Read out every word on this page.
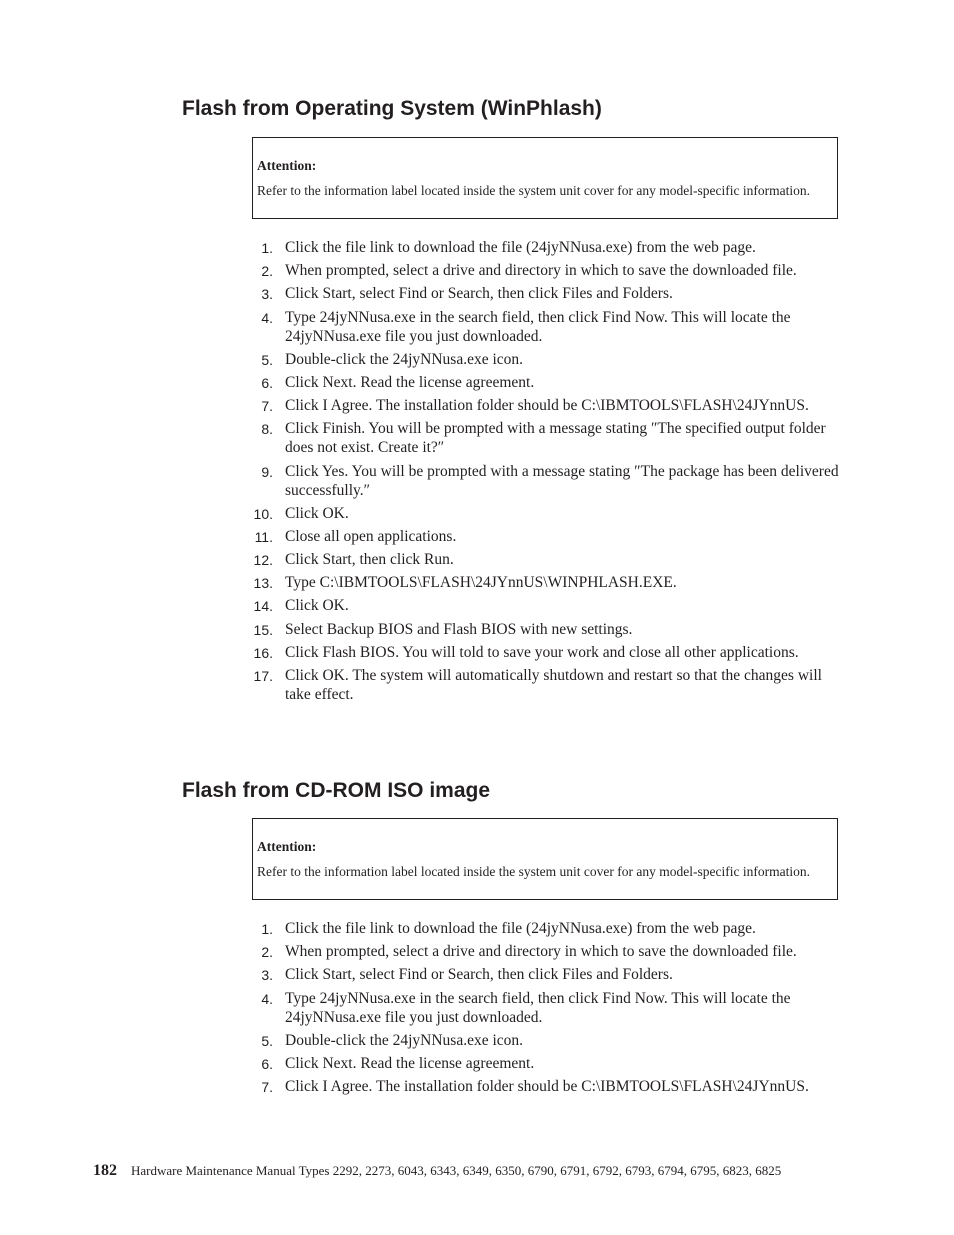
Flash from Operating System (WinPhlash)
Attention:
Refer to the information label located inside the system unit cover for any model-specific information.
1. Click the file link to download the file (24jyNNusa.exe) from the web page.
2. When prompted, select a drive and directory in which to save the downloaded file.
3. Click Start, select Find or Search, then click Files and Folders.
4. Type 24jyNNusa.exe in the search field, then click Find Now. This will locate the 24jyNNusa.exe file you just downloaded.
5. Double-click the 24jyNNusa.exe icon.
6. Click Next. Read the license agreement.
7. Click I Agree. The installation folder should be C:\IBMTOOLS\FLASH\24JYnnUS.
8. Click Finish. You will be prompted with a message stating ″The specified output folder does not exist. Create it?″
9. Click Yes. You will be prompted with a message stating ″The package has been delivered successfully.″
10. Click OK.
11. Close all open applications.
12. Click Start, then click Run.
13. Type C:\IBMTOOLS\FLASH\24JYnnUS\WINPHLASH.EXE.
14. Click OK.
15. Select Backup BIOS and Flash BIOS with new settings.
16. Click Flash BIOS. You will told to save your work and close all other applications.
17. Click OK. The system will automatically shutdown and restart so that the changes will take effect.
Flash from CD-ROM ISO image
Attention:
Refer to the information label located inside the system unit cover for any model-specific information.
1. Click the file link to download the file (24jyNNusa.exe) from the web page.
2. When prompted, select a drive and directory in which to save the downloaded file.
3. Click Start, select Find or Search, then click Files and Folders.
4. Type 24jyNNusa.exe in the search field, then click Find Now. This will locate the 24jyNNusa.exe file you just downloaded.
5. Double-click the 24jyNNusa.exe icon.
6. Click Next. Read the license agreement.
7. Click I Agree. The installation folder should be C:\IBMTOOLS\FLASH\24JYnnUS.
182 Hardware Maintenance Manual Types 2292, 2273, 6043, 6343, 6349, 6350, 6790, 6791, 6792, 6793, 6794, 6795, 6823, 6825
